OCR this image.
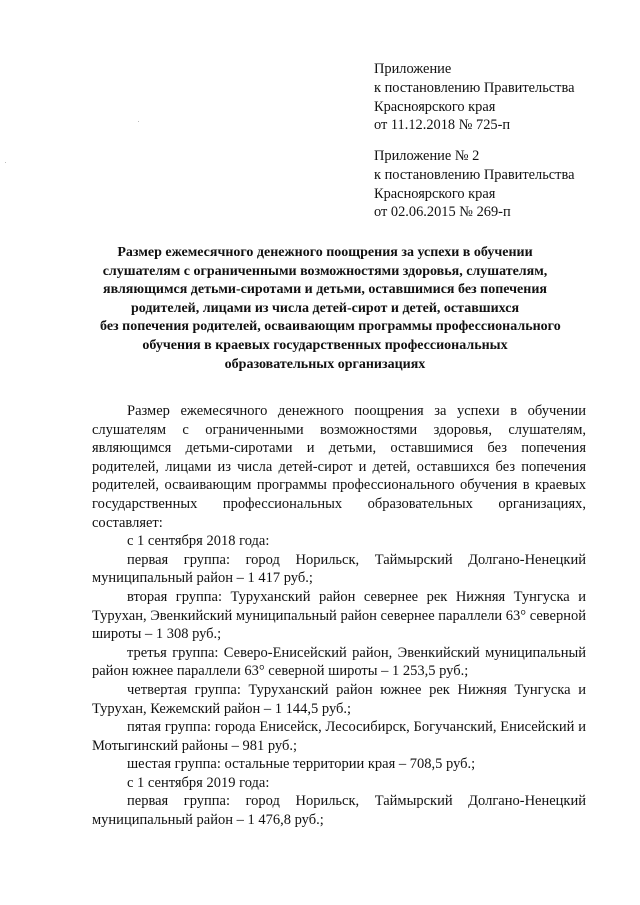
Приложение
к постановлению Правительства
Красноярского края
от 11.12.2018 № 725-п
Приложение № 2
к постановлению Правительства
Красноярского края
от 02.06.2015 № 269-п
Размер ежемесячного денежного поощрения за успехи в обучении
слушателям с ограниченными возможностями здоровья, слушателям,
являющимся детьми-сиротами и детьми, оставшимися без попечения
родителей, лицами из числа детей-сирот и детей, оставшихся
без попечения родителей, осваивающим программы профессионального
обучения в краевых государственных профессиональных
образовательных организациях

Размер ежемесячного денежного поощрения за успехи в обучении слушателям с ограниченными возможностями здоровья, слушателям, являющимся детьми-сиротами и детьми, оставшимися без попечения родителей, лицами из числа детей-сирот и детей, оставшихся без попечения родителей, осваивающим программы профессионального обучения в краевых государственных профессиональных образовательных организациях, составляет:

с 1 сентября 2018 года:

первая группа: город Норильск, Таймырский Долгано-Ненецкий муниципальный район – 1 417 руб.;

вторая группа: Туруханский район севернее рек Нижняя Тунгуска и Турухан, Эвенкийский муниципальный район севернее параллели 63° северной широты – 1 308 руб.;

третья группа: Северо-Енисейский район, Эвенкийский муниципальный район южнее параллели 63° северной широты – 1 253,5 руб.;

четвертая группа: Туруханский район южнее рек Нижняя Тунгуска и Турухан, Кежемский район – 1 144,5 руб.;

пятая группа: города Енисейск, Лесосибирск, Богучанский, Енисейский и Мотыгинский районы – 981 руб.;

шестая группа: остальные территории края – 708,5 руб.;

с 1 сентября 2019 года:

первая группа: город Норильск, Таймырский Долгано-Ненецкий муниципальный район – 1 476,8 руб.;
